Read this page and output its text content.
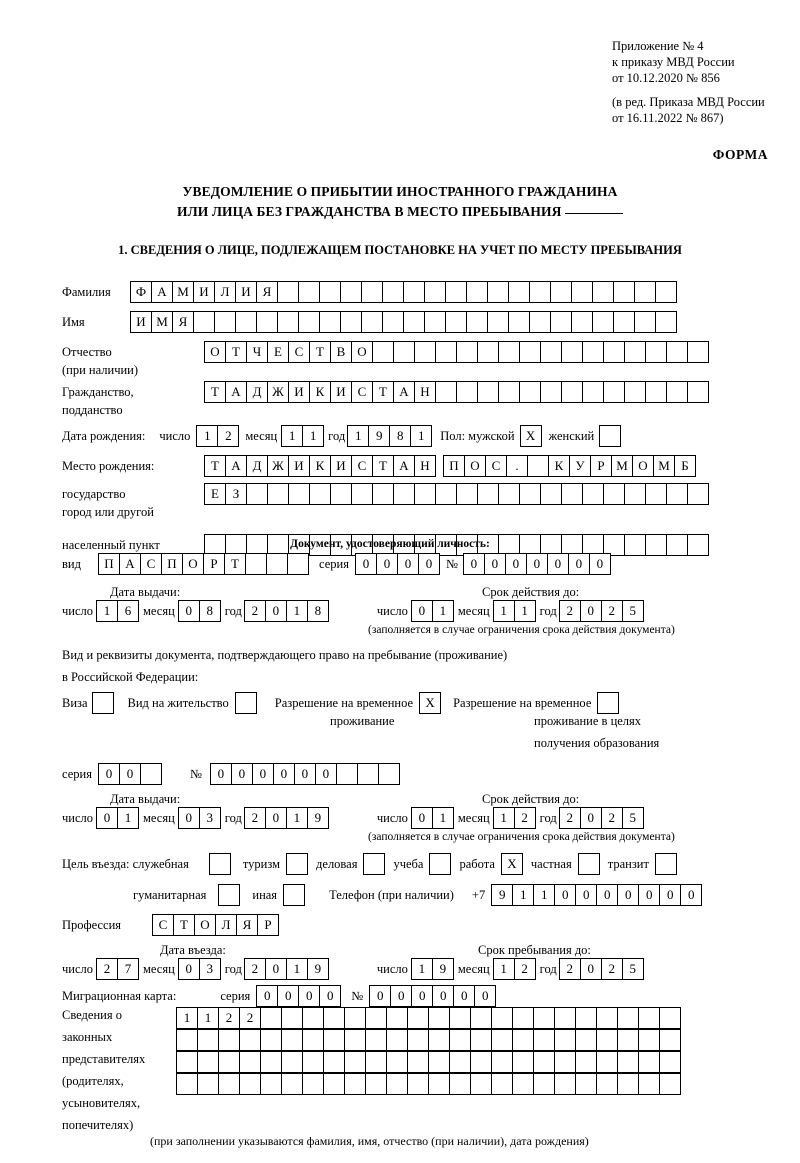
Приложение № 4
к приказу МВД России
от 10.12.2020 № 856
(в ред. Приказа МВД России
от 16.11.2022 № 867)
ФОРМА
УВЕДОМЛЕНИЕ О ПРИБЫТИИ ИНОСТРАННОГО ГРАЖДАНИНА
ИЛИ ЛИЦА БЕЗ ГРАЖДАНСТВА В МЕСТО ПРЕБЫВАНИЯ
1. СВЕДЕНИЯ О ЛИЦЕ, ПОДЛЕЖАЩЕМ ПОСТАНОВКЕ НА УЧЕТ ПО МЕСТУ ПРЕБЫВАНИЯ
Фамилия	Ф А М И Л И Я
Имя	И М Я
Отчество	О Т Ч Е С Т В О
(при наличии)
Гражданство,	Т А Д Ж И К И С Т А Н
подданство
Дата рождения: число	1	2	месяц 1	1 год 1	9	8	1	Пол: мужской X	женский
Место рождения:	Т А Д Ж И К И С Т А Н	П О С	.	К У Р М О М Б
государство	Е	З
город или другой
населенный пункт	Документ, удостоверяющий личность:
вид	П А С П О Р	Т	серия	0	0	0	0	№ 0	0	0	0	0	0	0
Дата выдачи:	Срок действия до:
число 1	6 месяц 0	8 год 2	0	1	8	число 0	1 месяц 1	1 год 2	0	2	5
(заполняется в случае ограничения срока действия документа)
Вид и реквизиты документа, подтверждающего право на пребывание (проживание)
в Российской Федерации:
Виза	Вид на жительство	Разрешение на временное X	Разрешение на временное
проживание	проживание в целях
получения образования
серия	0	0	№	0	0	0	0	0	0
Дата выдачи:	Срок действия до:
число 0	1 месяц 0	3 год 2	0	1	9	число 0	1 месяц 1	2 год 2	0	2	5
(заполняется в случае ограничения срока действия документа)
Цель въезда: служебная	туризм	деловая	учеба	работа X	частная	транзит
гуманитарная	иная	Телефон (при наличии) +7	9	1	1	0	0	0	0	0	0	0
Профессия	С Т О Л Я	Р
Дата въезда:	Срок пребывания до:
число 2	7 месяц 0	3 год 2	0	1	9	число 1	9 месяц 1	2 год 2	0	2	5
Миграционная карта:	серия	0	0	0	0	№	0	0	0	0	0	0
Сведения о
законных
представителях
(родителях,
усыновителях,
попечителях)
1	1	2	2
(при заполнении указываются фамилия, имя, отчество (при наличии), дата рождения)
